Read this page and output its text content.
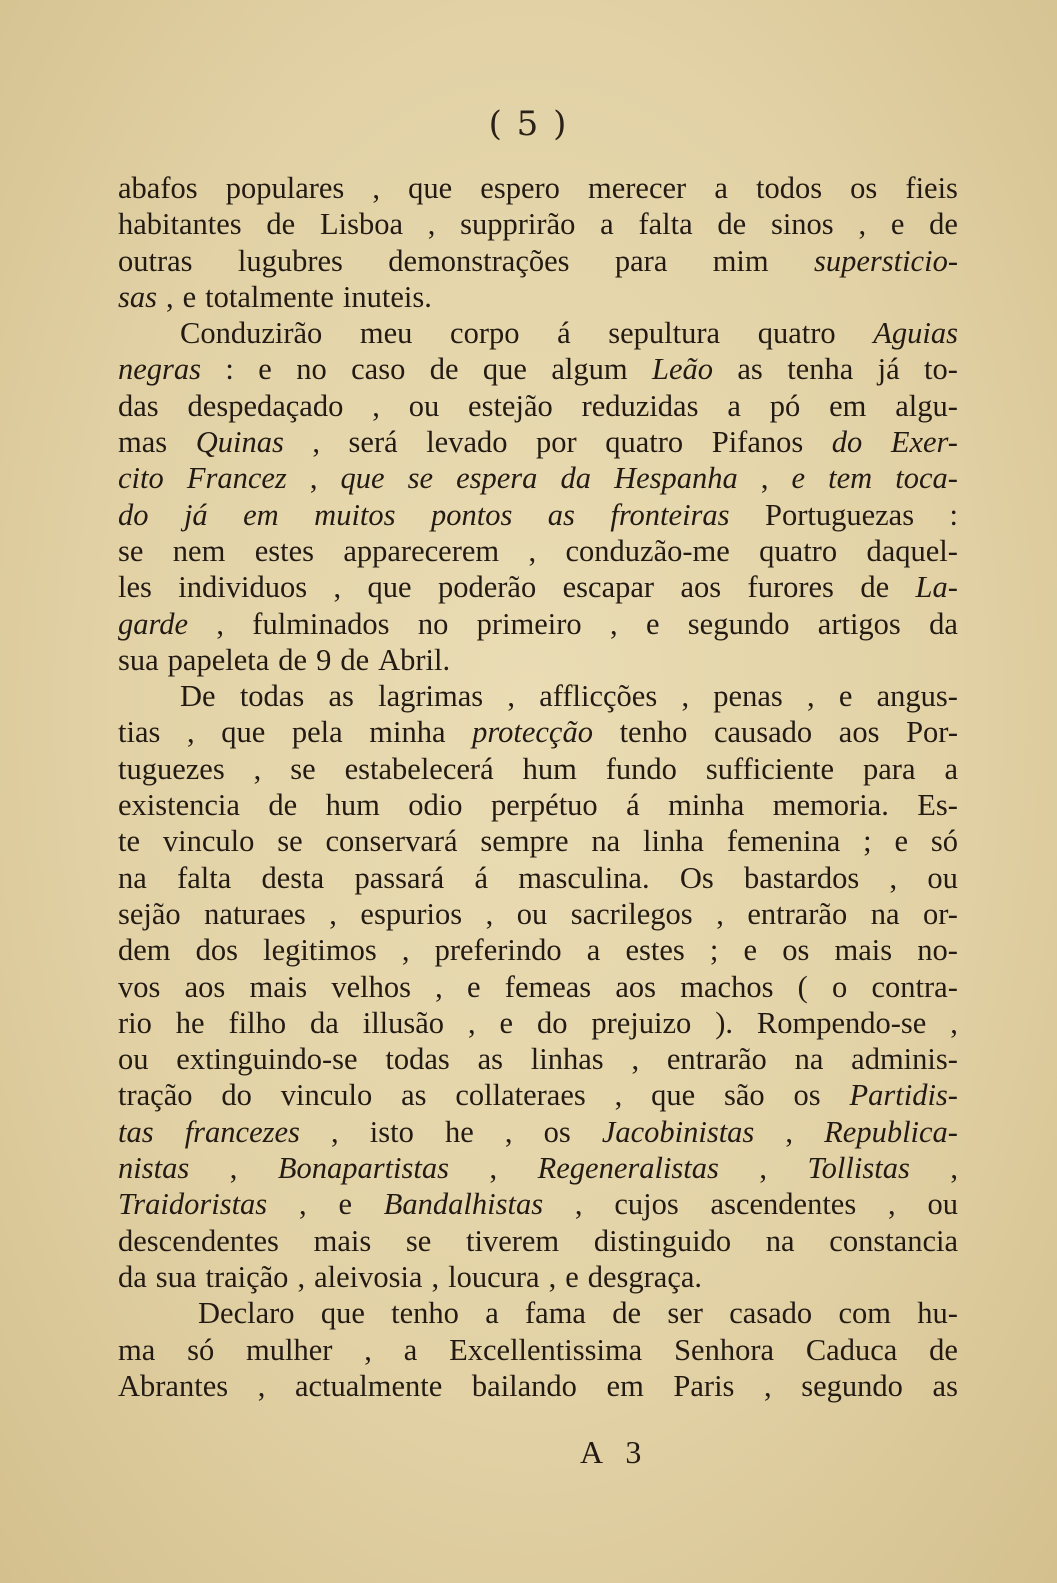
( 5 )
abafos populares , que espero merecer a todos os fieis
habitantes de Lisboa , supprirão a falta de sinos , e de
outras lugubres demonstrações para mim supersticio-
sas , e totalmente inuteis.
Conduzirão meu corpo á sepultura quatro Aguias
negras : e no caso de que algum Leão as tenha já to-
das despedaçado , ou estejão reduzidas a pó em algu-
mas Quinas , será levado por quatro Pifanos do Exer-
cito Francez , que se espera da Hespanha , e tem toca-
do já em muitos pontos as fronteiras Portuguezas :
se nem estes apparecerem , conduzão-me quatro daquel-
les individuos , que poderão escapar aos furores de La-
garde , fulminados no primeiro , e segundo artigos da
sua papeleta de 9 de Abril.
De todas as lagrimas , afflicções , penas , e angus-
tias , que pela minha protecção tenho causado aos Por-
tuguezes , se estabelecerá hum fundo sufficiente para a
existencia de hum odio perpétuo á minha memoria. Es-
te vinculo se conservará sempre na linha femenina ; e só
na falta desta passará á masculina. Os bastardos , ou
sejão naturaes , espurios , ou sacrilegos , entrarão na or-
dem dos legitimos , preferindo a estes ; e os mais no-
vos aos mais velhos , e femeas aos machos ( o contra-
rio he filho da illusão , e do prejuizo ). Rompendo-se ,
ou extinguindo-se todas as linhas , entrarão na adminis-
tração do vinculo as collateraes , que são os Partidis-
tas francezes , isto he , os Jacobinistas , Republica-
nistas , Bonapartistas , Regeneralistas , Tollistas ,
Traidoristas , e Bandalhistas , cujos ascendentes , ou
descendentes mais se tiverem distinguido na constancia
da sua traição , aleivosia , loucura , e desgraça.
Declaro que tenho a fama de ser casado com hu-
ma só mulher , a Excellentissima Senhora Caduca de
Abrantes , actualmente bailando em Paris , segundo as
A 3
